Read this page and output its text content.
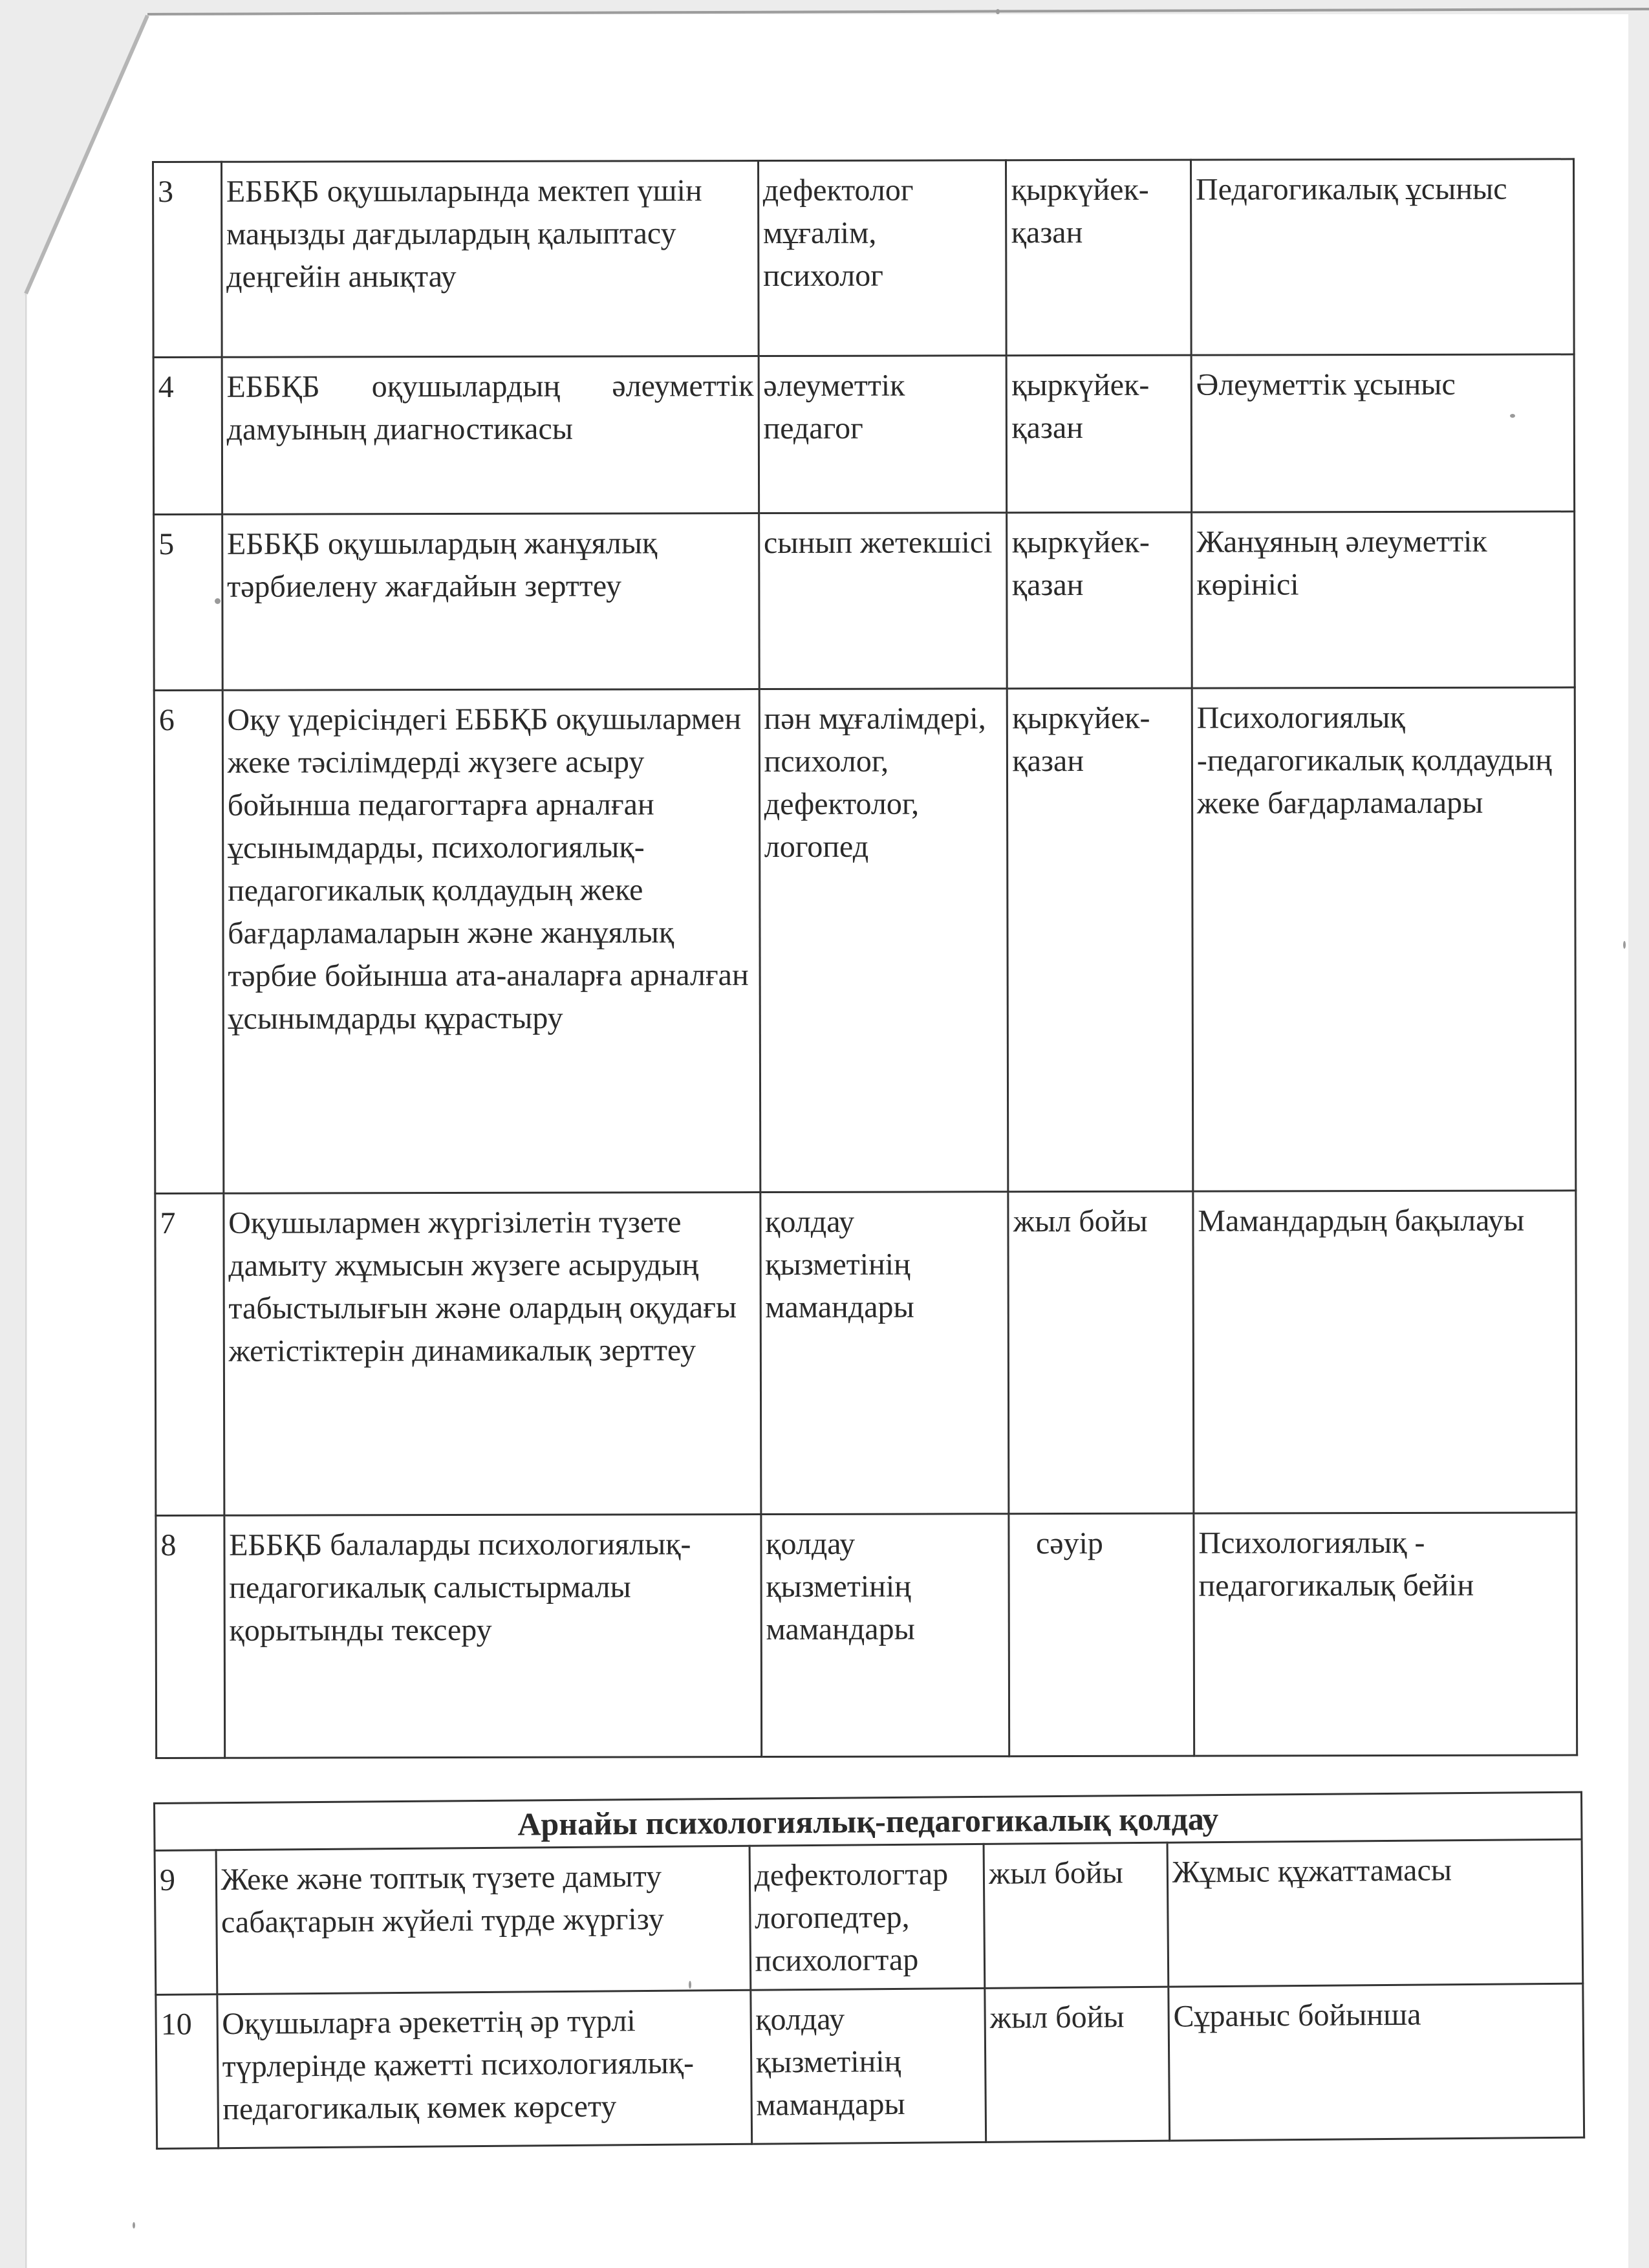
3	ЕББҚБ оқушыларында мектеп үшін маңызды дағдылардың қалыптасу деңгейін анықтау	дефектолог мұғалім, психолог	қыркүйек-қазан	Педагогикалық ұсыныс
4	ЕББҚБ оқушылардың әлеуметтік дамуының диагностикасы	әлеуметтік педагог	қыркүйек-қазан	Әлеуметтік ұсыныс
5	ЕББҚБ оқушылардың жанұялық тәрбиелену жағдайын зерттеу	сынып жетекшісі	қыркүйек-қазан	Жанұяның әлеуметтік көрінісі
6	Оқу үдерісіндегі ЕББҚБ оқушылармен жеке тәсілімдерді жүзеге асыру бойынша педагогтарға арналған ұсынымдарды, психологиялық-педагогикалық қолдаудың жеке бағдарламаларын және жанұялық тәрбие бойынша ата-аналарға арналған ұсынымдарды құрастыру	пән мұғалімдері, психолог, дефектолог, логопед	қыркүйек-қазан	Психологиялық -педагогикалық қолдаудың жеке бағдарламалары
7	Оқушылармен жүргізілетін түзете дамыту жұмысын жүзеге асырудың табыстылығын және олардың оқудағы жетістіктерін динамикалық зерттеу	қолдау қызметінің мамандары	жыл бойы	Мамандардың бақылауы
8	ЕББҚБ балаларды психологиялық-педагогикалық салыстырмалы қорытынды тексеру	қолдау қызметінің мамандары	сәуір	Психологиялық - педагогикалық бейін
Арнайы психологиялық-педагогикалық қолдау				
9	Жеке және топтық түзете дамыту сабақтарын жүйелі түрде жүргізу	дефектологтар логопедтер, психологтар	жыл бойы	Жұмыс құжаттамасы
10	Оқушыларға әрекеттің әр түрлі түрлерінде қажетті психологиялық-педагогикалық көмек көрсету	қолдау қызметінің мамандары	жыл бойы	Сұраныс бойынша
